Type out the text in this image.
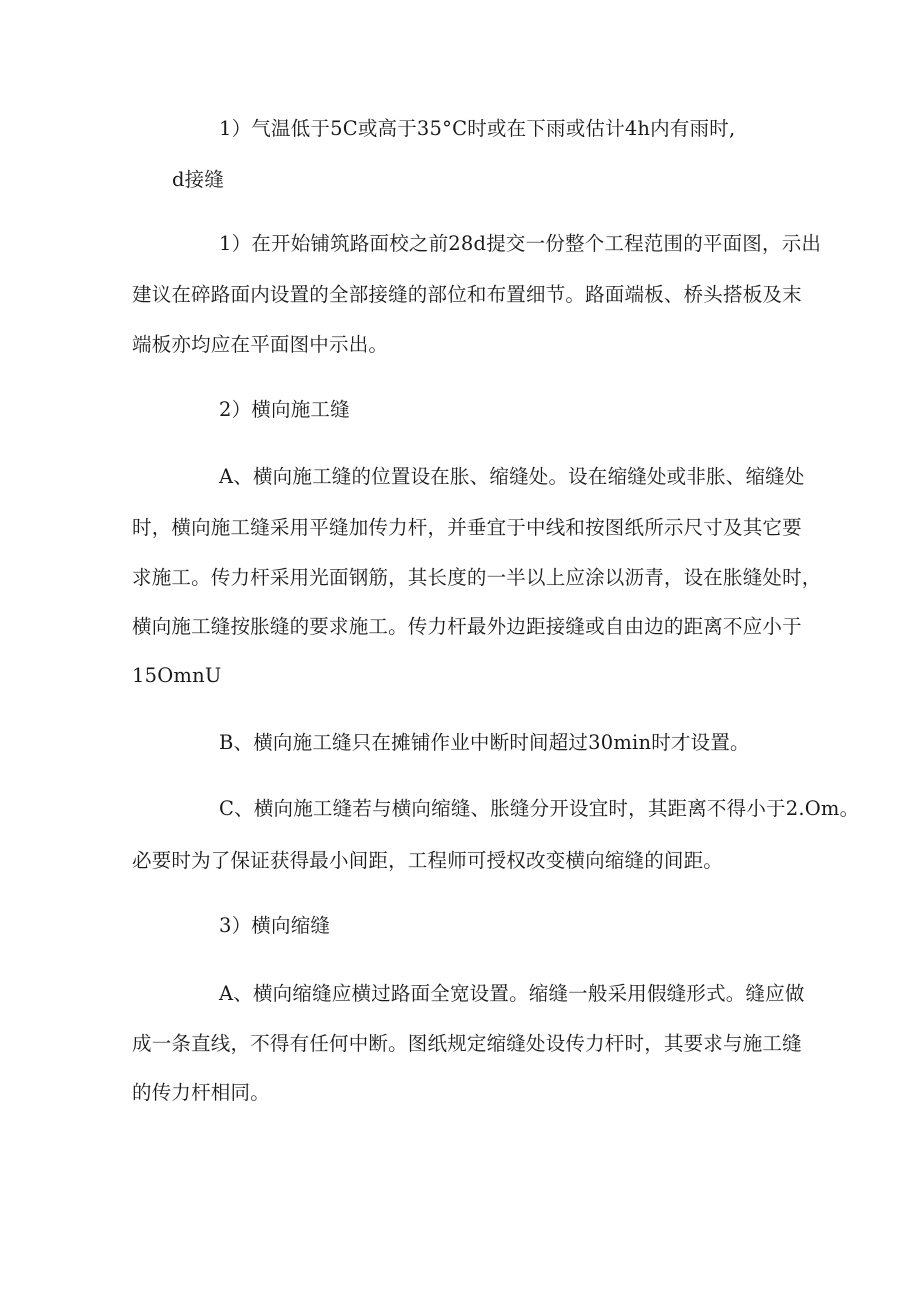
1）气温低于5C或高于35°C时或在下雨或估计4h内有雨时,
d接缝
1）在开始铺筑路面校之前28d提交一份整个工程范围的平面图，示出
建议在碎路面内设置的全部接缝的部位和布置细节。路面端板、桥头搭板及末
端板亦均应在平面图中示出。
2）横向施工缝
A、横向施工缝的位置设在胀、缩缝处。设在缩缝处或非胀、缩缝处
时，横向施工缝采用平缝加传力杆，并垂宜于中线和按图纸所示尺寸及其它要
求施工。传力杆采用光面钢筋，其长度的一半以上应涂以沥青，设在胀缝处时，
横向施工缝按胀缝的要求施工。传力杆最外边距接缝或自由边的距离不应小于
15OmnU
B、横向施工缝只在摊铺作业中断时间超过30min时才设置。
C、横向施工缝若与横向缩缝、胀缝分开设宜时，其距离不得小于2.Om。
必要时为了保证获得最小间距，工程师可授权改变横向缩缝的间距。
3）横向缩缝
A、横向缩缝应横过路面全宽设置。缩缝一般采用假缝形式。缝应做
成一条直线，不得有任何中断。图纸规定缩缝处设传力杆时，其要求与施工缝
的传力杆相同。
